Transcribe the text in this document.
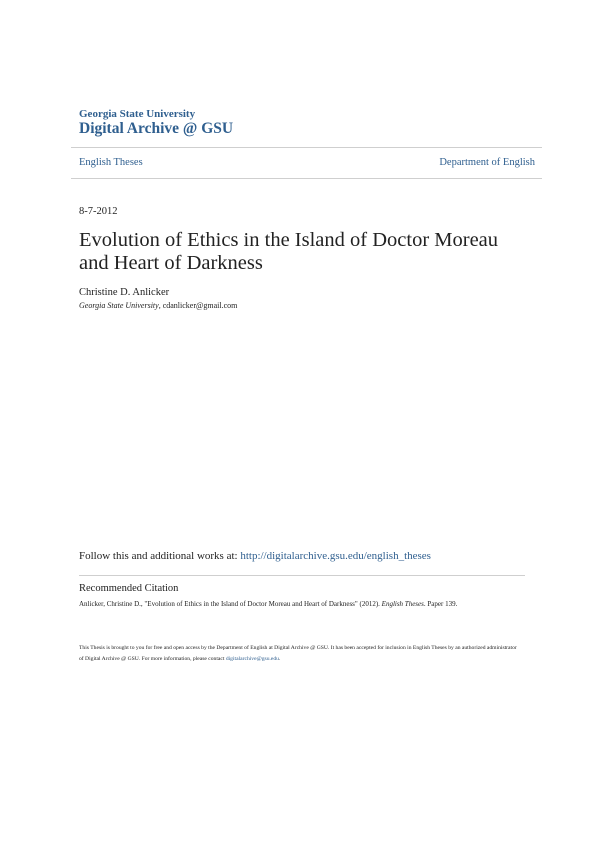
Georgia State University
Digital Archive @ GSU
English Theses	Department of English
8-7-2012
Evolution of Ethics in the Island of Doctor Moreau and Heart of Darkness
Christine D. Anlicker
Georgia State University, cdanlicker@gmail.com
Follow this and additional works at: http://digitalarchive.gsu.edu/english_theses
Recommended Citation
Anlicker, Christine D., "Evolution of Ethics in the Island of Doctor Moreau and Heart of Darkness" (2012). English Theses. Paper 139.
This Thesis is brought to you for free and open access by the Department of English at Digital Archive @ GSU. It has been accepted for inclusion in English Theses by an authorized administrator of Digital Archive @ GSU. For more information, please contact digitalarchive@gsu.edu.
